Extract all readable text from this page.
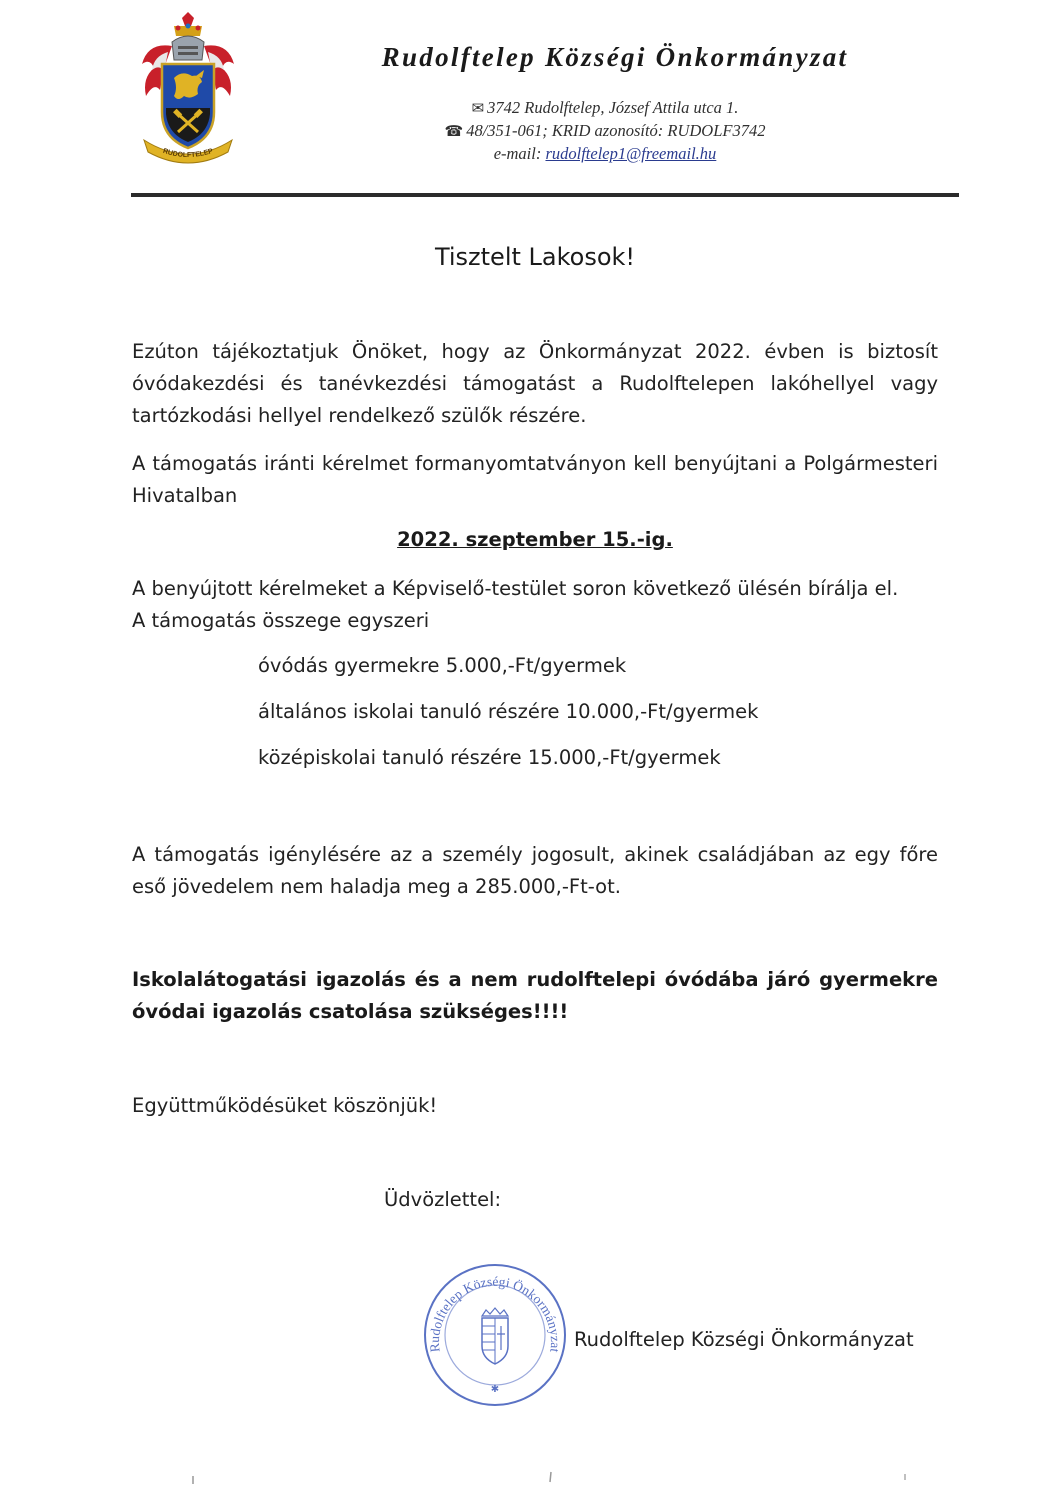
RUDOLFTELEP
Rudolftelep Községi Önkormányzat
✉ 3742 Rudolftelep, József Attila utca 1.
☎ 48/351-061; KRID azonosító: RUDOLF3742
e-mail: rudolftelep1@freemail.hu
Tisztelt Lakosok!
Ezúton tájékoztatjuk Önöket, hogy az Önkormányzat 2022. évben is biztosít óvódakezdési és tanévkezdési támogatást a Rudolftelepen lakóhellyel vagy tartózkodási hellyel rendelkező szülők részére.
A támogatás iránti kérelmet formanyomtatványon kell benyújtani a Polgármesteri Hivatalban
2022. szeptember 15.-ig.
A benyújtott kérelmeket a Képviselő-testület soron következő ülésén bírálja el.
A támogatás összege egyszeri
óvódás gyermekre 5.000,-Ft/gyermek
általános iskolai tanuló részére 10.000,-Ft/gyermek
középiskolai tanuló részére 15.000,-Ft/gyermek
A támogatás igénylésére az a személy jogosult, akinek családjában az egy főre eső jövedelem nem haladja meg a 285.000,-Ft-ot.
Iskolalátogatási igazolás és a nem rudolftelepi óvódába járó gyermekre óvódai igazolás csatolása szükséges!!!!
Együttműködésüket köszönjük!
Üdvözlettel:
Rudolftelep Községi Önkormányzat
✱
Rudolftelep Községi Önkormányzat
